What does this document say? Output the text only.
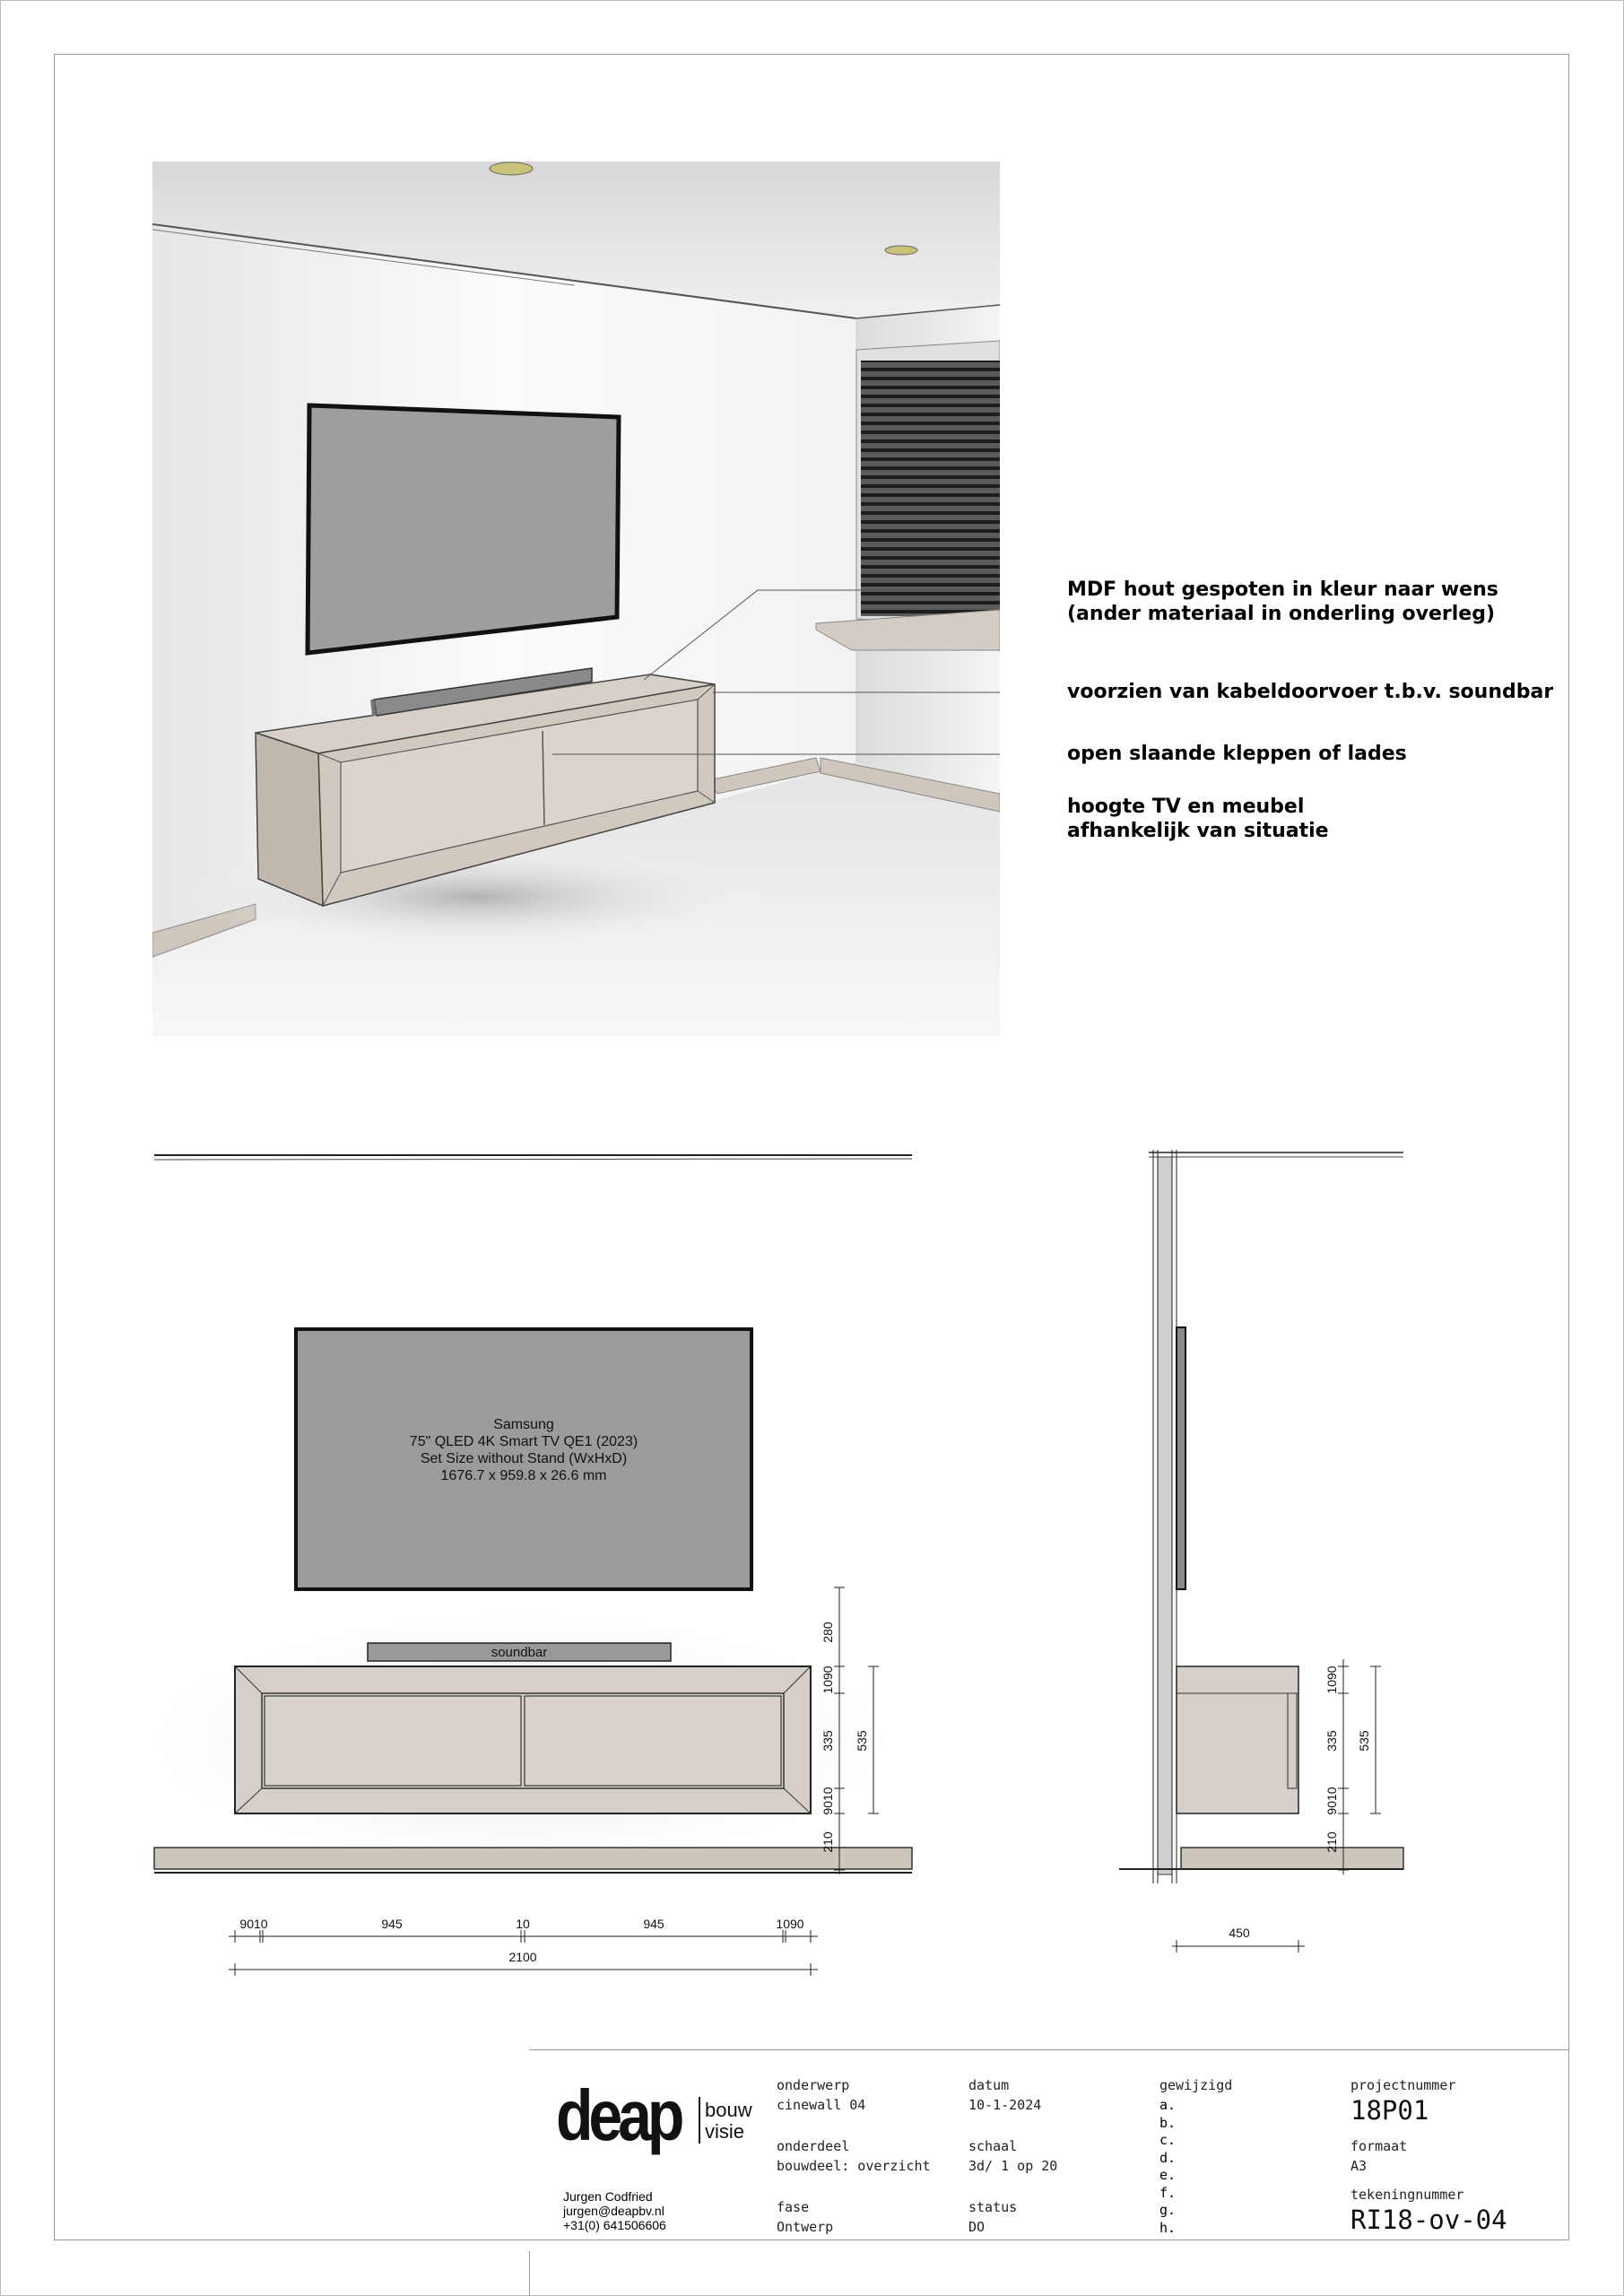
MDF hout gespoten in kleur naar wens
(ander materiaal in onderling overleg)
voorzien van kabeldoorvoer t.b.v. soundbar
open slaande kleppen of lades
hoogte TV en meubel
afhankelijk van situatie
Samsung
75" QLED 4K Smart TV QE1 (2023)
Set Size without Stand (WxHxD)
1676.7 x 959.8 x 26.6 mm
soundbar
280
1090
335 535
9010
210
9010	945	10	945	1090
2100
1090
335 535
9010
210
450
deap bouw
visie
Jurgen Codfried
jurgen@deapbv.nl
+31(0) 641506606
onderwerp
cinewall 04
onderdeel
bouwdeel: overzicht
fase
Ontwerp
datum
10-1-2024
schaal
3d/ 1 op 20
status
DO
gewijzigd
a.
b.
c.
d.
e.
f.
g.
h.
projectnummer
18P01
formaat
A3
tekeningnummer
RI18-ov-04
